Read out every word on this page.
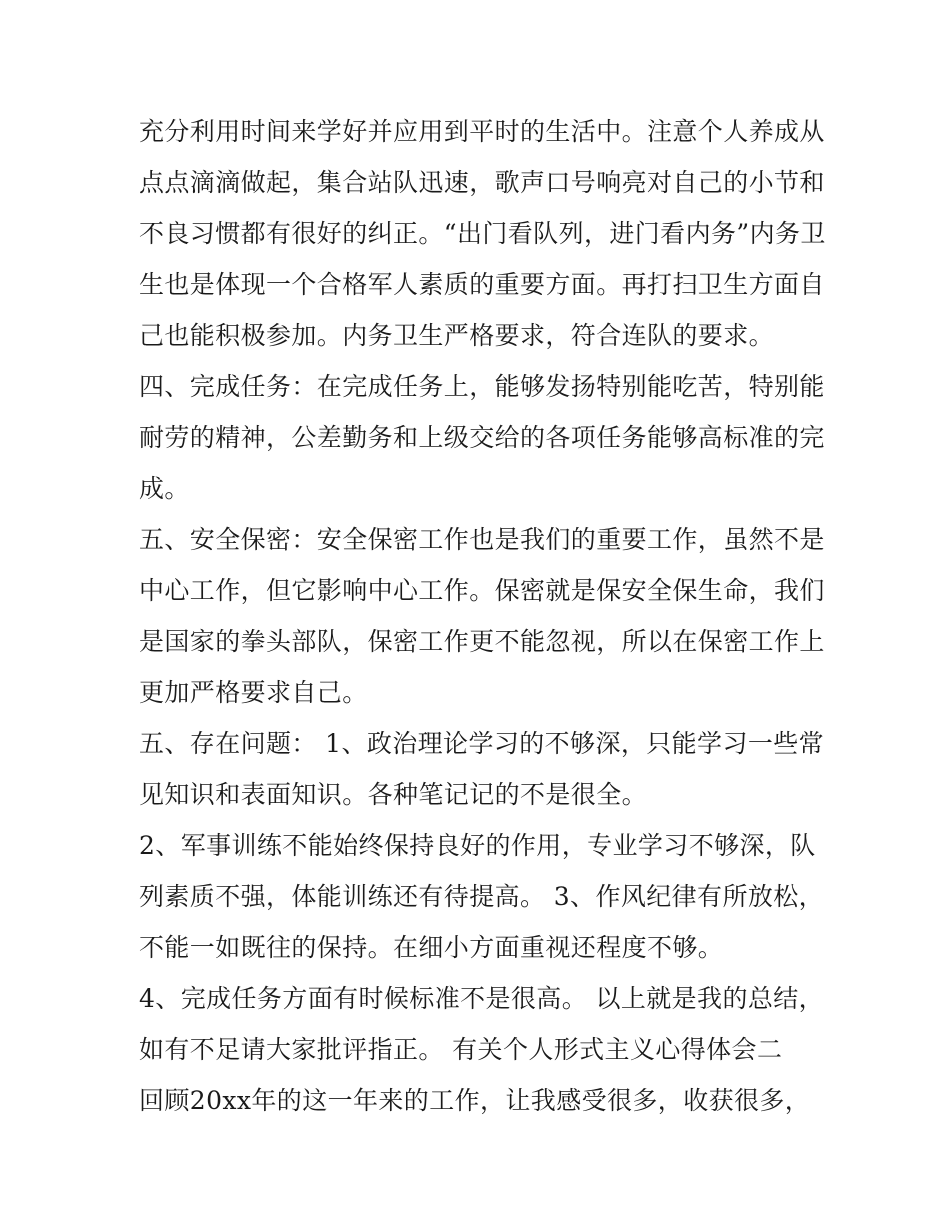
充分利用时间来学好并应用到平时的生活中。注意个人养成从
点点滴滴做起，集合站队迅速，歌声口号响亮对自己的小节和
不良习惯都有很好的纠正。“出门看队列，进门看内务”内务卫
生也是体现一个合格军人素质的重要方面。再打扫卫生方面自
己也能积极参加。内务卫生严格要求，符合连队的要求。
四、完成任务：在完成任务上，能够发扬特别能吃苦，特别能
耐劳的精神，公差勤务和上级交给的各项任务能够高标准的完
成。
五、安全保密：安全保密工作也是我们的重要工作，虽然不是
中心工作，但它影响中心工作。保密就是保安全保生命，我们
是国家的拳头部队，保密工作更不能忽视，所以在保密工作上
更加严格要求自己。
五、存在问题： 1、政治理论学习的不够深，只能学习一些常
见知识和表面知识。各种笔记记的不是很全。
2、军事训练不能始终保持良好的作用，专业学习不够深，队
列素质不强，体能训练还有待提高。 3、作风纪律有所放松，
不能一如既往的保持。在细小方面重视还程度不够。
4、完成任务方面有时候标准不是很高。 以上就是我的总结，
如有不足请大家批评指正。 有关个人形式主义心得体会二
回顾20xx年的这一年来的工作，让我感受很多，收获很多，
